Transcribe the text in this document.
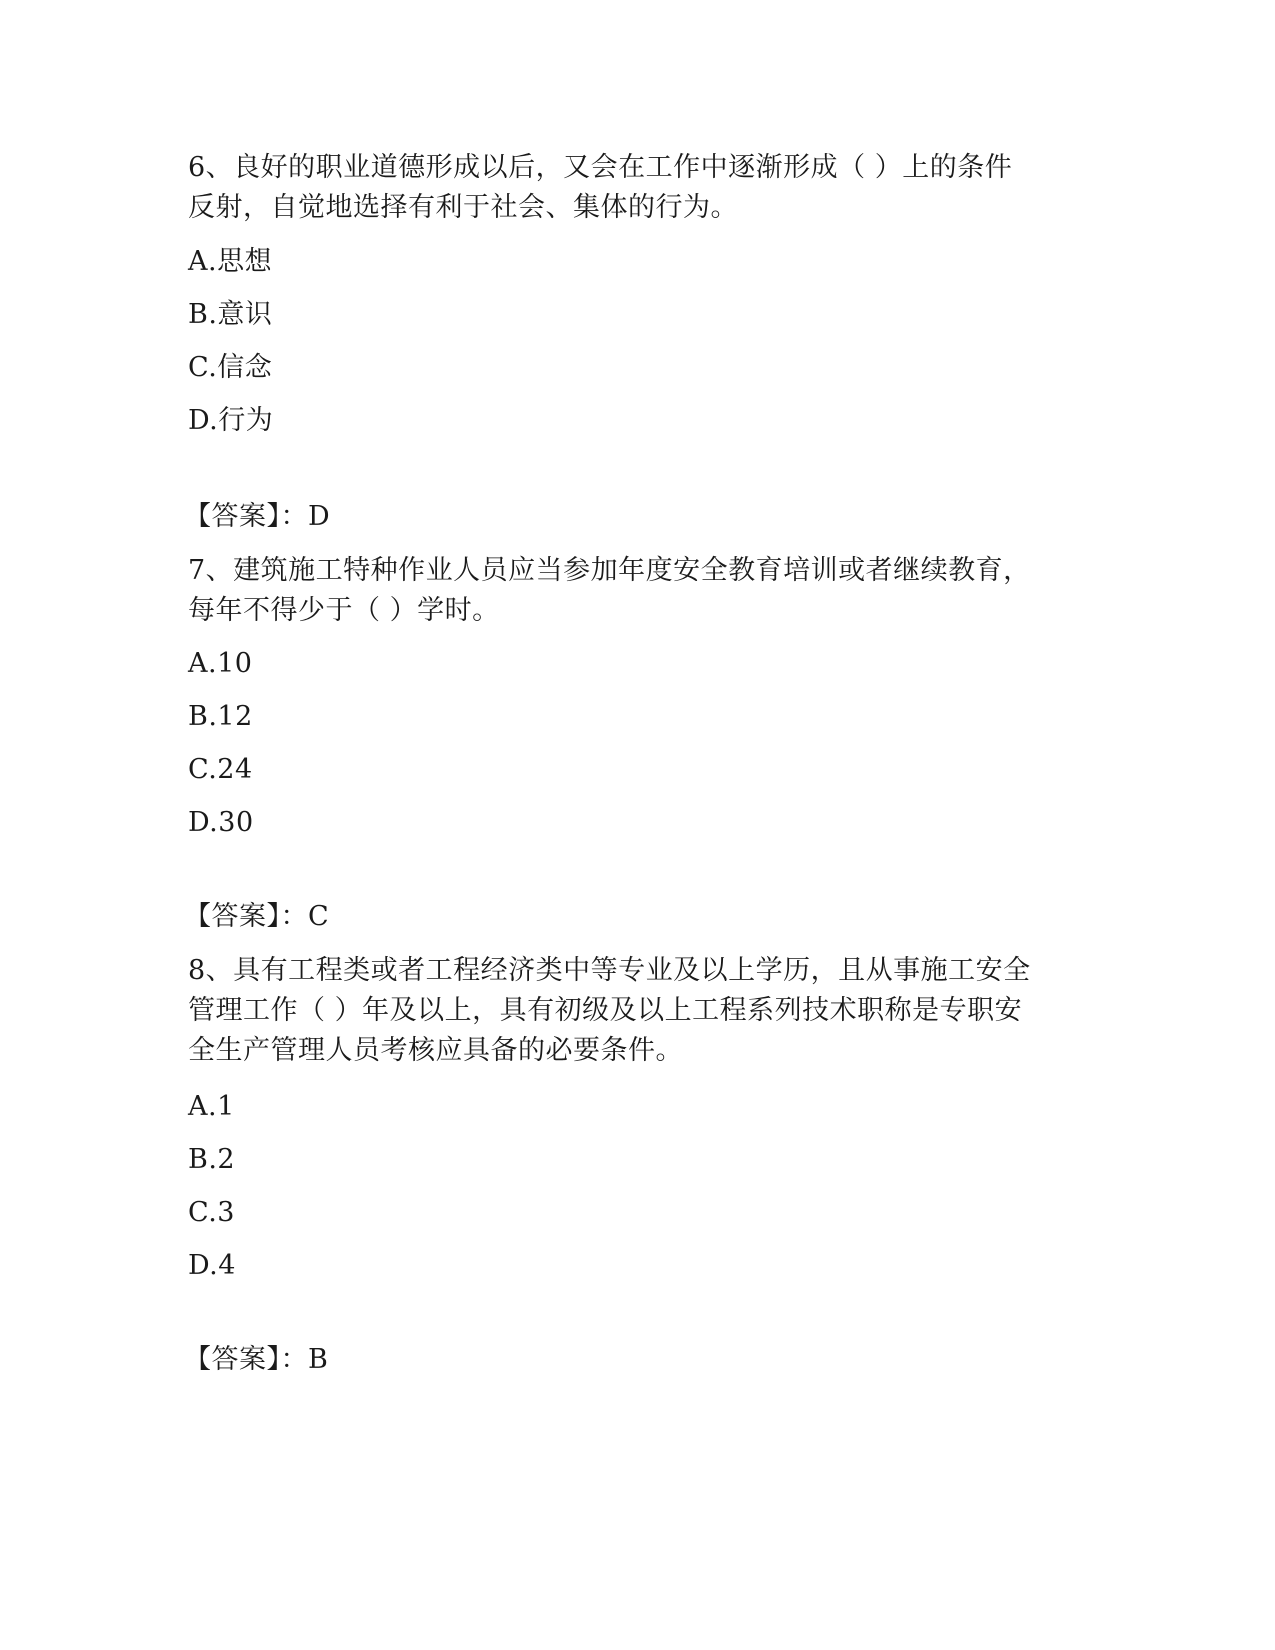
6、良好的职业道德形成以后，又会在工作中逐渐形成（ ）上的条件
反射，自觉地选择有利于社会、集体的行为。
A.思想
B.意识
C.信念
D.行为
【答案】：D
7、建筑施工特种作业人员应当参加年度安全教育培训或者继续教育，
每年不得少于（ ）学时。
A.10
B.12
C.24
D.30
【答案】：C
8、具有工程类或者工程经济类中等专业及以上学历，且从事施工安全
管理工作（ ）年及以上，具有初级及以上工程系列技术职称是专职安
全生产管理人员考核应具备的必要条件。
A.1
B.2
C.3
D.4
【答案】：B
